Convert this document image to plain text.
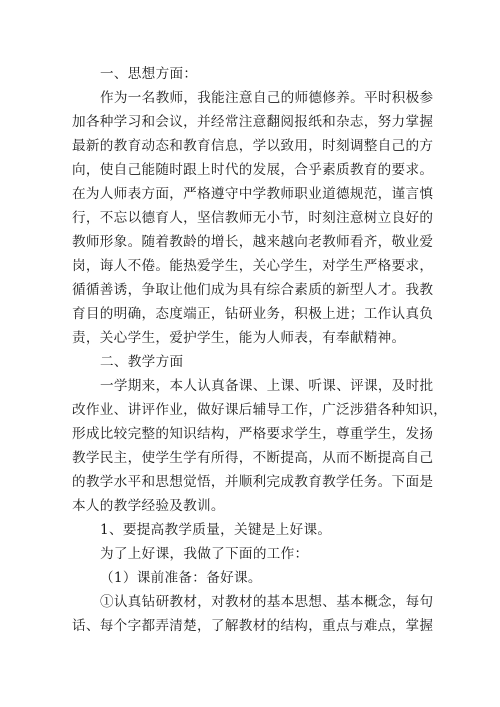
一、思想方面：
作为一名教师，我能注意自己的师德修养。平时积极参
加各种学习和会议，并经常注意翻阅报纸和杂志，努力掌握
最新的教育动态和教育信息，学以致用，时刻调整自己的方
向，使自己能随时跟上时代的发展，合乎素质教育的要求。
在为人师表方面，严格遵守中学教师职业道德规范，谨言慎
行，不忘以德育人，坚信教师无小节，时刻注意树立良好的
教师形象。随着教龄的增长，越来越向老教师看齐，敬业爱
岗，诲人不倦。能热爱学生，关心学生，对学生严格要求，
循循善诱，争取让他们成为具有综合素质的新型人才。我教
育目的明确，态度端正，钻研业务，积极上进；工作认真负
责，关心学生，爱护学生，能为人师表，有奉献精神。
二、教学方面
一学期来，本人认真备课、上课、听课、评课，及时批
改作业、讲评作业，做好课后辅导工作，广泛涉猎各种知识，
形成比较完整的知识结构，严格要求学生，尊重学生，发扬
教学民主，使学生学有所得，不断提高，从而不断提高自己
的教学水平和思想觉悟，并顺利完成教育教学任务。下面是
本人的教学经验及教训。
1、要提高教学质量，关键是上好课。
为了上好课，我做了下面的工作：
（1）课前准备：备好课。
①认真钻研教材，对教材的基本思想、基本概念，每句
话、每个字都弄清楚，了解教材的结构，重点与难点，掌握
